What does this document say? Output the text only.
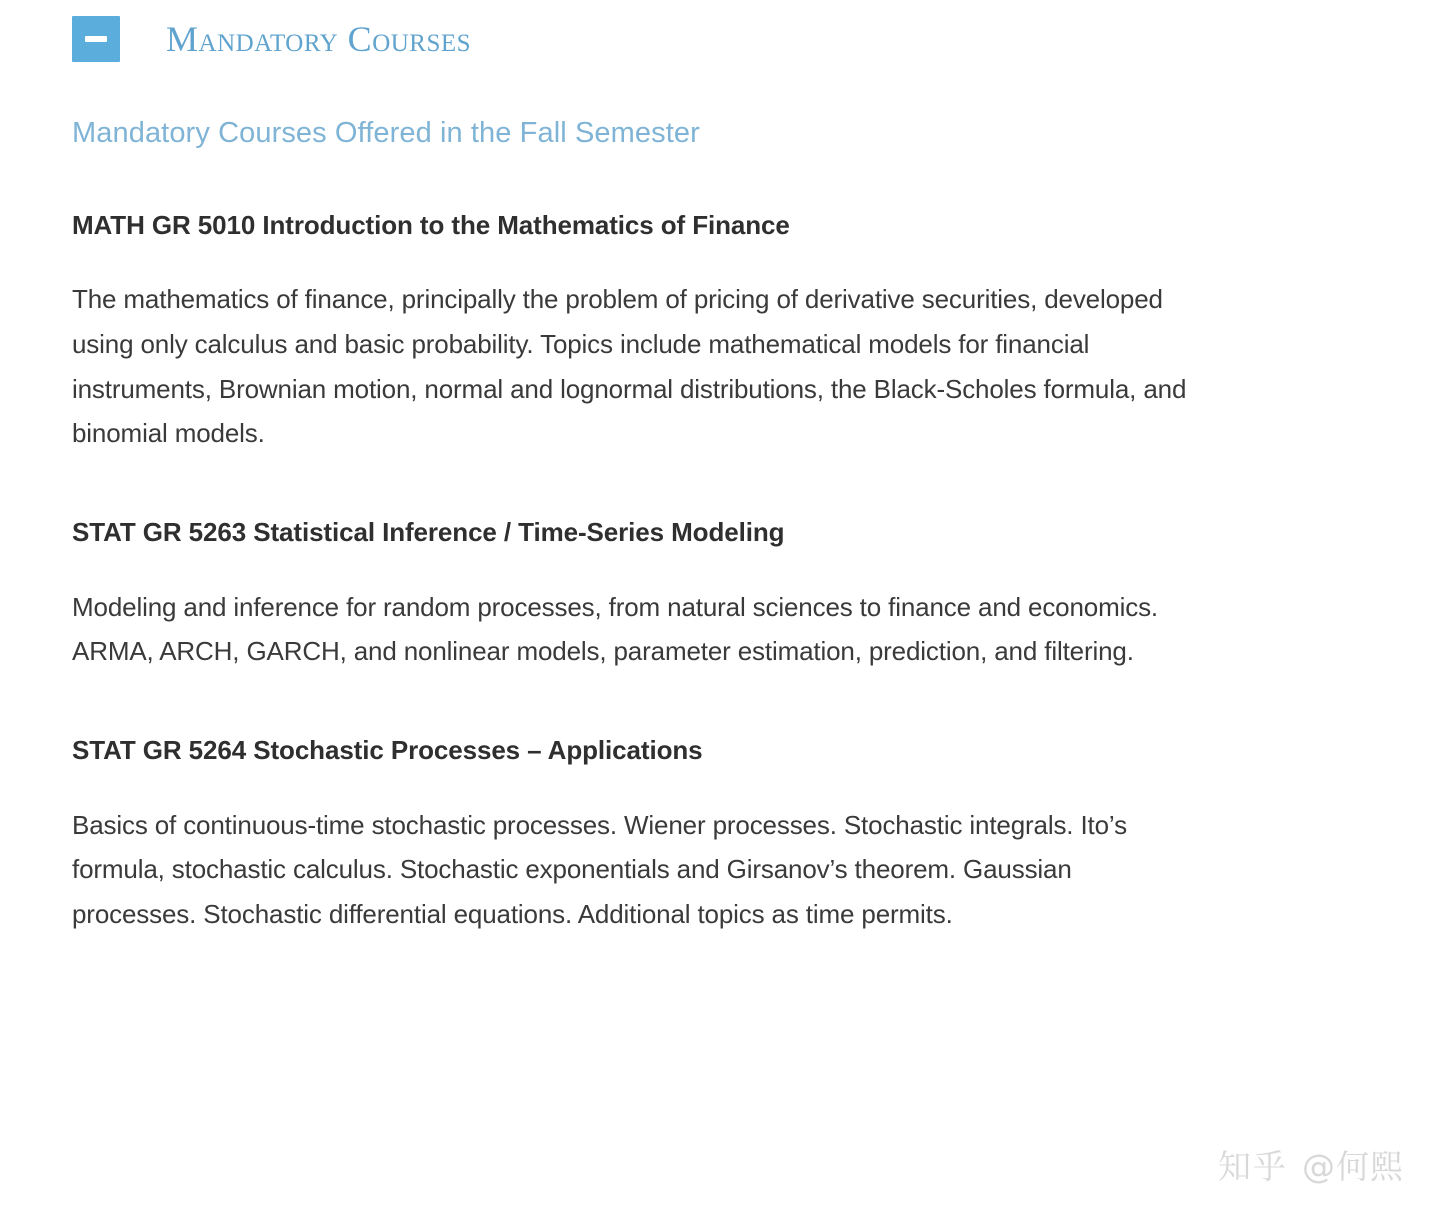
Mandatory Courses
Mandatory Courses Offered in the Fall Semester
MATH GR 5010 Introduction to the Mathematics of Finance

The mathematics of finance, principally the problem of pricing of derivative securities, developed using only calculus and basic probability. Topics include mathematical models for financial instruments, Brownian motion, normal and lognormal distributions, the Black-Scholes formula, and binomial models.

STAT GR 5263 Statistical Inference / Time-Series Modeling

Modeling and inference for random processes, from natural sciences to finance and economics. ARMA, ARCH, GARCH, and nonlinear models, parameter estimation, prediction, and filtering.

STAT GR 5264 Stochastic Processes – Applications

Basics of continuous-time stochastic processes. Wiener processes. Stochastic integrals. Ito’s formula, stochastic calculus. Stochastic exponentials and Girsanov’s theorem. Gaussian processes. Stochastic differential equations. Additional topics as time permits.

知乎 @何熙
